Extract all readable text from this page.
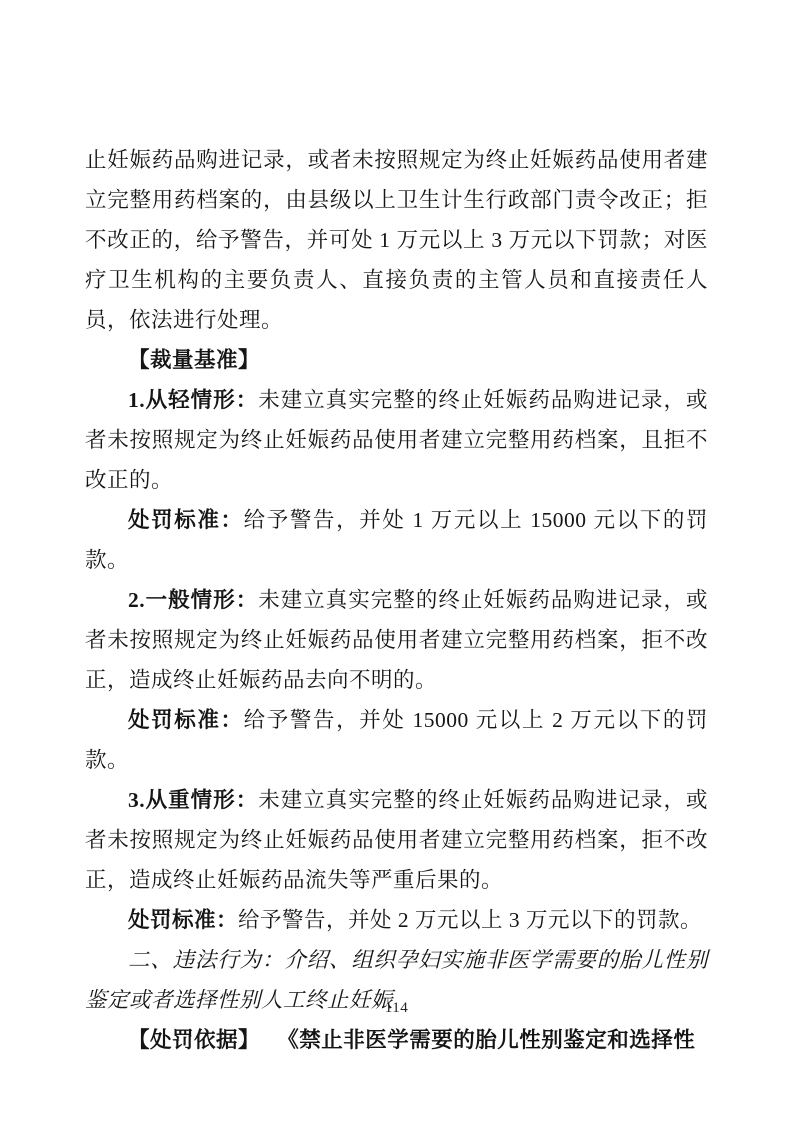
止妊娠药品购进记录，或者未按照规定为终止妊娠药品使用者建立完整用药档案的，由县级以上卫生计生行政部门责令改正；拒不改正的，给予警告，并可处 1 万元以上 3 万元以下罚款；对医疗卫生机构的主要负责人、直接负责的主管人员和直接责任人员，依法进行处理。

【裁量基准】

1.从轻情形：未建立真实完整的终止妊娠药品购进记录，或者未按照规定为终止妊娠药品使用者建立完整用药档案，且拒不改正的。

处罚标准：给予警告，并处 1 万元以上 15000 元以下的罚款。

2.一般情形：未建立真实完整的终止妊娠药品购进记录，或者未按照规定为终止妊娠药品使用者建立完整用药档案，拒不改正，造成终止妊娠药品去向不明的。

处罚标准：给予警告，并处 15000 元以上 2 万元以下的罚款。

3.从重情形：未建立真实完整的终止妊娠药品购进记录，或者未按照规定为终止妊娠药品使用者建立完整用药档案，拒不改正，造成终止妊娠药品流失等严重后果的。

处罚标准：给予警告，并处 2 万元以上 3 万元以下的罚款。

二、违法行为：介绍、组织孕妇实施非医学需要的胎儿性别鉴定或者选择性别人工终止妊娠

【处罚依据】 《禁止非医学需要的胎儿性别鉴定和选择性

114
